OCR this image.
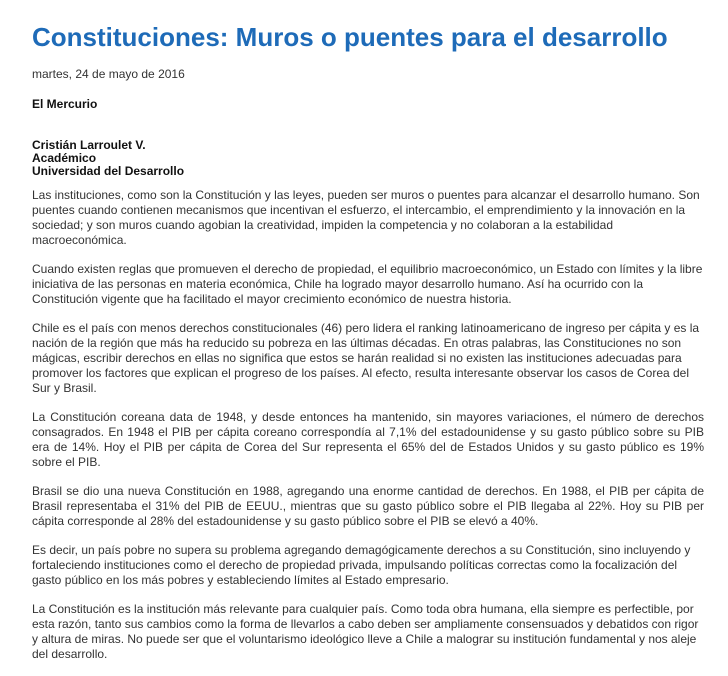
Constituciones: Muros o puentes para el desarrollo
martes, 24 de mayo de 2016
El Mercurio
Cristián Larroulet V.
Académico
Universidad del Desarrollo

Las instituciones, como son la Constitución y las leyes, pueden ser muros o puentes para alcanzar el desarrollo humano. Son puentes cuando contienen mecanismos que incentivan el esfuerzo, el intercambio, el emprendimiento y la innovación en la sociedad; y son muros cuando agobian la creatividad, impiden la competencia y no colaboran a la estabilidad macroeconómica.

Cuando existen reglas que promueven el derecho de propiedad, el equilibrio macroeconómico, un Estado con límites y la libre iniciativa de las personas en materia económica, Chile ha logrado mayor desarrollo humano. Así ha ocurrido con la Constitución vigente que ha facilitado el mayor crecimiento económico de nuestra historia.

Chile es el país con menos derechos constitucionales (46) pero lidera el ranking latinoamericano de ingreso per cápita y es la nación de la región que más ha reducido su pobreza en las últimas décadas. En otras palabras, las Constituciones no son mágicas, escribir derechos en ellas no significa que estos se harán realidad si no existen las instituciones adecuadas para promover los factores que explican el progreso de los países. Al efecto, resulta interesante observar los casos de Corea del Sur y Brasil.

La Constitución coreana data de 1948, y desde entonces ha mantenido, sin mayores variaciones, el número de derechos consagrados. En 1948 el PIB per cápita coreano correspondía al 7,1% del estadounidense y su gasto público sobre su PIB era de 14%. Hoy el PIB per cápita de Corea del Sur representa el 65% del de Estados Unidos y su gasto público es 19% sobre el PIB.

Brasil se dio una nueva Constitución en 1988, agregando una enorme cantidad de derechos. En 1988, el PIB per cápita de Brasil representaba el 31% del PIB de EEUU., mientras que su gasto público sobre el PIB llegaba al 22%. Hoy su PIB per cápita corresponde al 28% del estadounidense y su gasto público sobre el PIB se elevó a 40%.

Es decir, un país pobre no supera su problema agregando demagógicamente derechos a su Constitución, sino incluyendo y fortaleciendo instituciones como el derecho de propiedad privada, impulsando políticas correctas como la focalización del gasto público en los más pobres y estableciendo límites al Estado empresario.

La Constitución es la institución más relevante para cualquier país. Como toda obra humana, ella siempre es perfectible, por esta razón, tanto sus cambios como la forma de llevarlos a cabo deben ser ampliamente consensuados y debatidos con rigor y altura de miras. No puede ser que el voluntarismo ideológico lleve a Chile a malograr su institución fundamental y nos aleje del desarrollo.
